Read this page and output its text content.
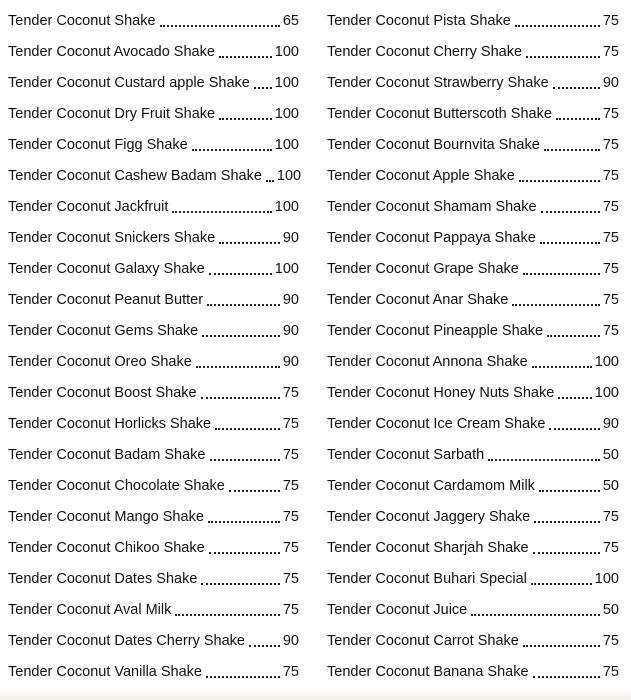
Tender Coconut Shake	65
Tender Coconut Avocado Shake	100
Tender Coconut Custard apple Shake 100
Tender Coconut Dry Fruit Shake	100
Tender Coconut Figg Shake	100
Tender Coconut Cashew Badam Shake 100
Tender Coconut Jackfruit	100
Tender Coconut Snickers Shake	90
Tender Coconut Galaxy Shake	100
Tender Coconut Peanut Butter	90
Tender Coconut Gems Shake	90
Tender Coconut Oreo Shake	90
Tender Coconut Boost Shake	75
Tender Coconut Horlicks Shake	75
Tender Coconut Badam Shake	75
Tender Coconut Chocolate Shake	75
Tender Coconut Mango Shake	75
Tender Coconut Chikoo Shake	75
Tender Coconut Dates Shake	75
Tender Coconut Aval Milk	75
Tender Coconut Dates Cherry Shake	90
Tender Coconut Vanilla Shake	75
Tender Coconut Pista Shake	75
Tender Coconut Cherry Shake	75
Tender Coconut Strawberry Shake	90
Tender Coconut Butterscoth Shake	75
Tender Coconut Bournvita Shake	75
Tender Coconut Apple Shake	75
Tender Coconut Shamam Shake	75
Tender Coconut Pappaya Shake	75
Tender Coconut Grape Shake	75
Tender Coconut Anar Shake	75
Tender Coconut Pineapple Shake	75
Tender Coconut Annona Shake	100
Tender Coconut Honey Nuts Shake	100
Tender Coconut Ice Cream Shake	90
Tender Coconut Sarbath	50
Tender Coconut Cardamom Milk	50
Tender Coconut Jaggery Shake	75
Tender Coconut Sharjah Shake	75
Tender Coconut Buhari Special	100
Tender Coconut Juice	50
Tender Coconut Carrot Shake	75
Tender Coconut Banana Shake	75
